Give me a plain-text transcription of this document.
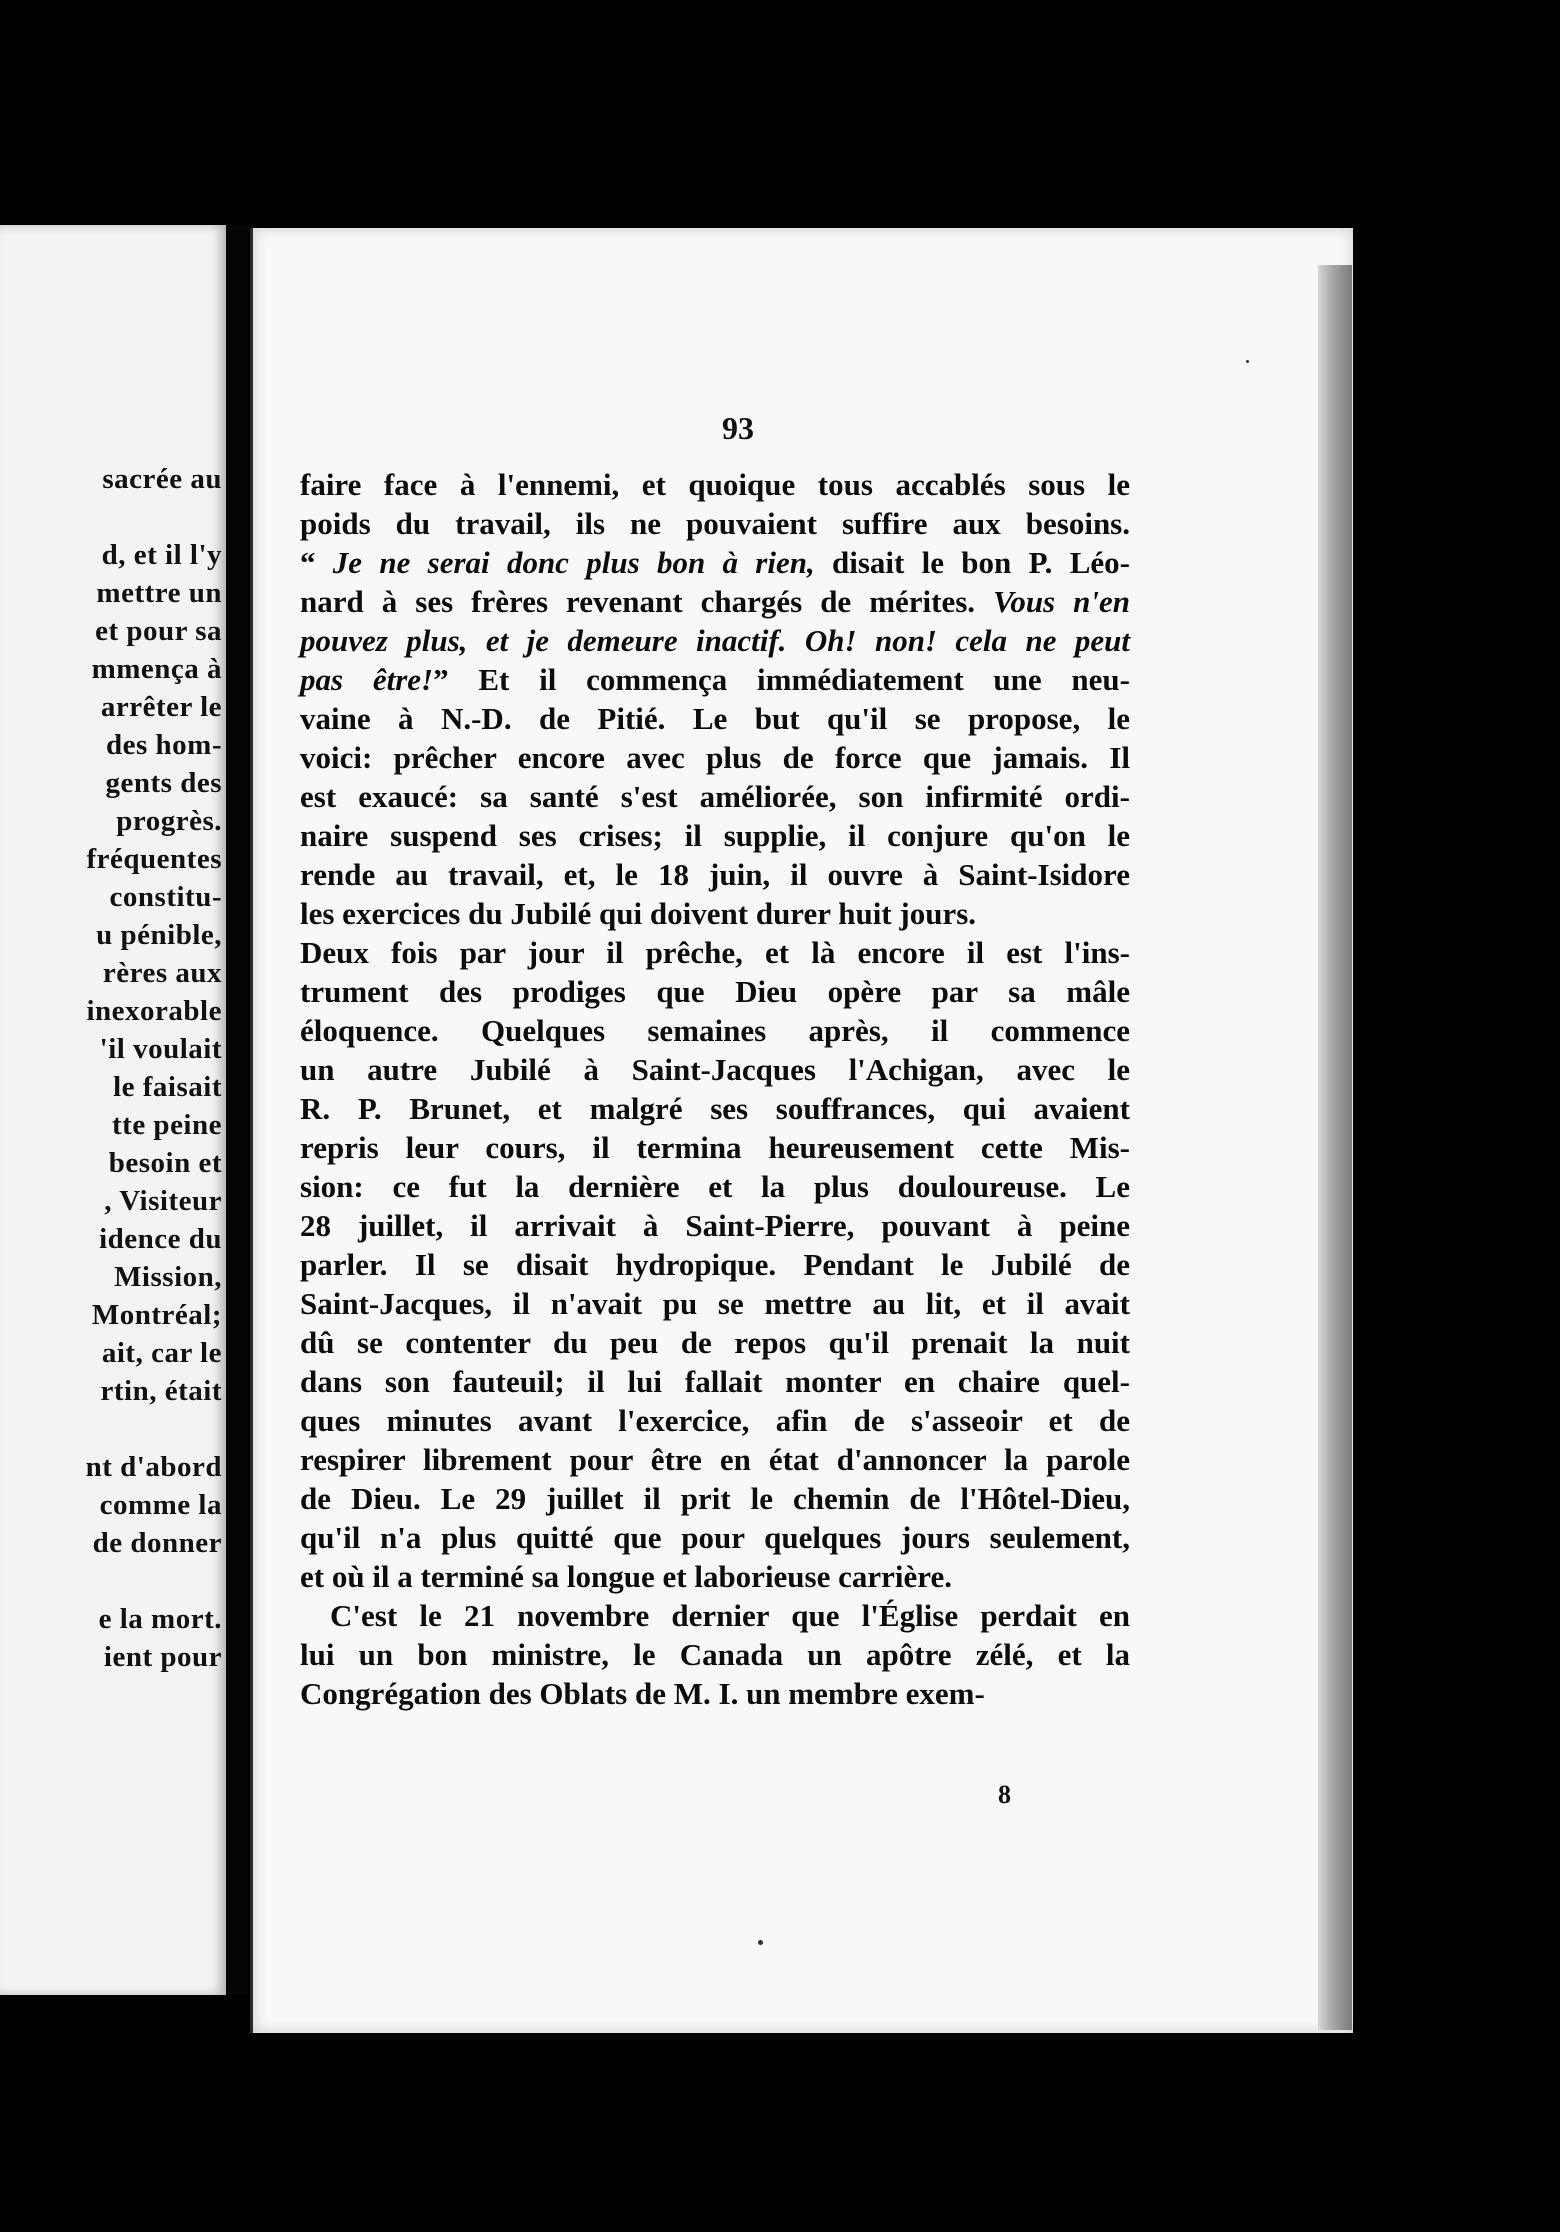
sacrée au
d, et il l'y
mettre un
et pour sa
mmença à
arrêter le
des hom-
gents des
progrès.
fréquentes
constitu-
u pénible,
rères aux
inexorable
'il voulait
le faisait
tte peine
besoin et
, Visiteur
idence du
Mission,
Montréal;
ait, car le
rtin, était
nt d'abord
comme la
de donner
e la mort.
ient pour
93
faire face à l'ennemi, et quoique tous accablés sous le
poids du travail, ils ne pouvaient suffire aux besoins.
“ Je ne serai donc plus bon à rien, disait le bon P. Léo-
nard à ses frères revenant chargés de mérites. Vous n'en
pouvez plus, et je demeure inactif. Oh! non! cela ne peut
pas être!” Et il commença immédiatement une neu-
vaine à N.-D. de Pitié. Le but qu'il se propose, le
voici: prêcher encore avec plus de force que jamais. Il
est exaucé: sa santé s'est améliorée, son infirmité ordi-
naire suspend ses crises; il supplie, il conjure qu'on le
rende au travail, et, le 18 juin, il ouvre à Saint-Isidore
les exercices du Jubilé qui doivent durer huit jours.
Deux fois par jour il prêche, et là encore il est l'ins-
trument des prodiges que Dieu opère par sa mâle
éloquence. Quelques semaines après, il commence
un autre Jubilé à Saint-Jacques l'Achigan, avec le
R. P. Brunet, et malgré ses souffrances, qui avaient
repris leur cours, il termina heureusement cette Mis-
sion: ce fut la dernière et la plus douloureuse. Le
28 juillet, il arrivait à Saint-Pierre, pouvant à peine
parler. Il se disait hydropique. Pendant le Jubilé de
Saint-Jacques, il n'avait pu se mettre au lit, et il avait
dû se contenter du peu de repos qu'il prenait la nuit
dans son fauteuil; il lui fallait monter en chaire quel-
ques minutes avant l'exercice, afin de s'asseoir et de
respirer librement pour être en état d'annoncer la parole
de Dieu. Le 29 juillet il prit le chemin de l'Hôtel-Dieu,
qu'il n'a plus quitté que pour quelques jours seulement,
et où il a terminé sa longue et laborieuse carrière.
C'est le 21 novembre dernier que l'Église perdait en
lui un bon ministre, le Canada un apôtre zélé, et la
Congrégation des Oblats de M. I. un membre exem-
8
